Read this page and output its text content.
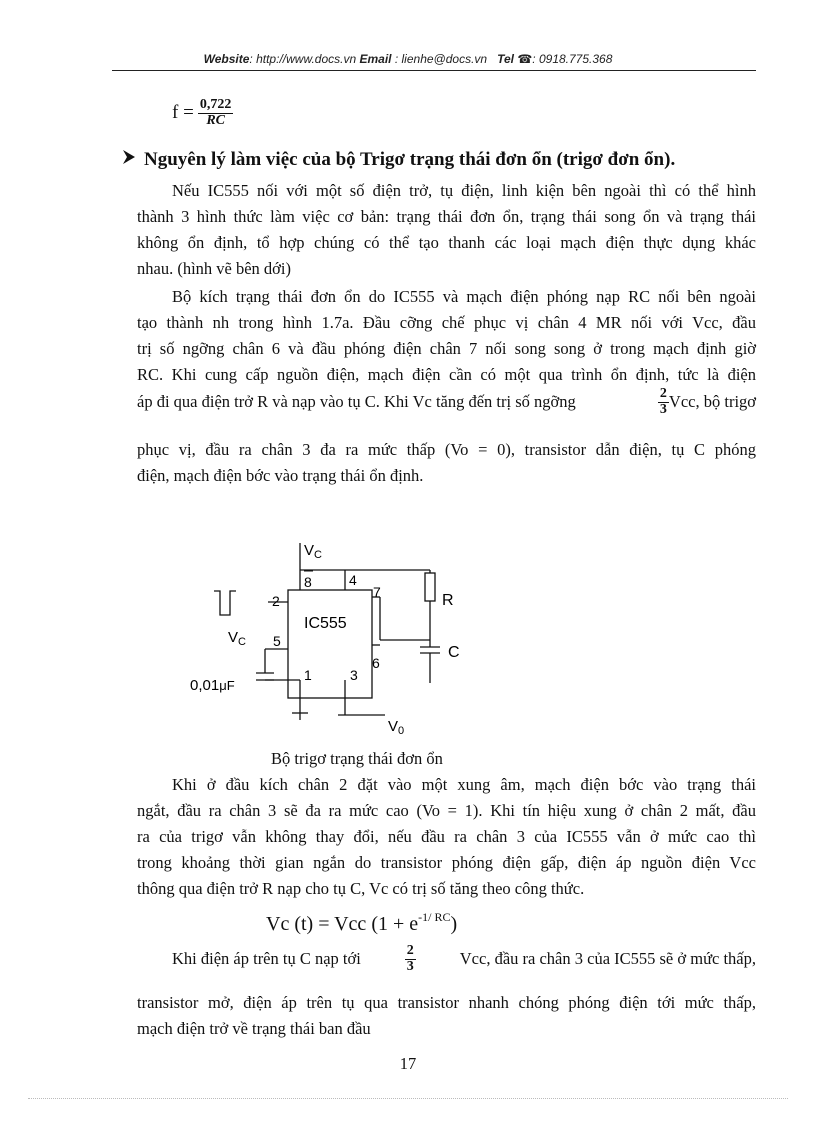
Website: http://www.docs.vn Email : lienhe@docs.vn Tel ☎: 0918.775.368
$f = \frac{0,722}{RC}$
Nguyên lý làm việc của bộ Trigơ trạng thái đơn ổn (trigơ đơn ổn).
Nếu IC555 nối với một số điện trở, tụ điện, linh kiện bên ngoài thì có thể hình
thành 3 hình thức làm việc cơ bản: trạng thái đơn ổn, trạng thái song ổn và trạng thái
không ổn định, tổ hợp chúng có thể tạo thanh các loại mạch điện thực dụng khác
nhau. (hình vẽ bên dới)
Bộ kích trạng thái đơn ổn do IC555 và mạch điện phóng nạp RC nối bên ngoài
tạo thành nh trong hình 1.7a. Đầu cỡng chế phục vị chân 4 MR nối với Vcc, đầu
trị số ngỡng chân 6 và đầu phóng điện chân 7 nối song song ở trong mạch định giờ
RC. Khi cung cấp nguồn điện, mạch điện cần có một qua trình ổn định, tức là điện
áp đi qua điện trở R và nạp vào tụ C. Khi Vc tăng đến trị số ngỡng	$\frac{2}{3}$ Vcc, bộ trigơ
phục vị, đầu ra chân 3 đa ra mức thấp (Vo = 0), transistor dẫn điện, tụ C phóng
điện, mạch điện bớc vào trạng thái ổn định.
$V_C$
8	4
2
7
IC555
R
$V_C$ 5
6
C
0,01μF
1	3
$V_0$
Bộ trigơ trạng thái đơn ổn
Khi ở đầu kích chân 2 đặt vào một xung âm, mạch điện bớc vào trạng thái
ngắt, đầu ra chân 3 sẽ đa ra mức cao (Vo = 1). Khi tín hiệu xung ở chân 2 mất, đầu
ra của trigơ vẫn không thay đổi, nếu đầu ra chân 3 của IC555 vẫn ở mức cao thì
trong khoảng thời gian ngắn do transistor phóng điện gấp, điện áp nguồn điện Vcc
thông qua điện trở R nạp cho tụ C, Vc có trị số tăng theo công thức.
Vc (t) = Vcc $(1 + e^{-1/ RC})$
Khi điện áp trên tụ C nạp tới	$\frac{2}{3}$	Vcc, đầu ra chân 3 của IC555 sẽ ở mức thấp,
transistor mở, điện áp trên tụ qua transistor nhanh chóng phóng điện tới mức thấp,
mạch điện trở về trạng thái ban đầu
17
